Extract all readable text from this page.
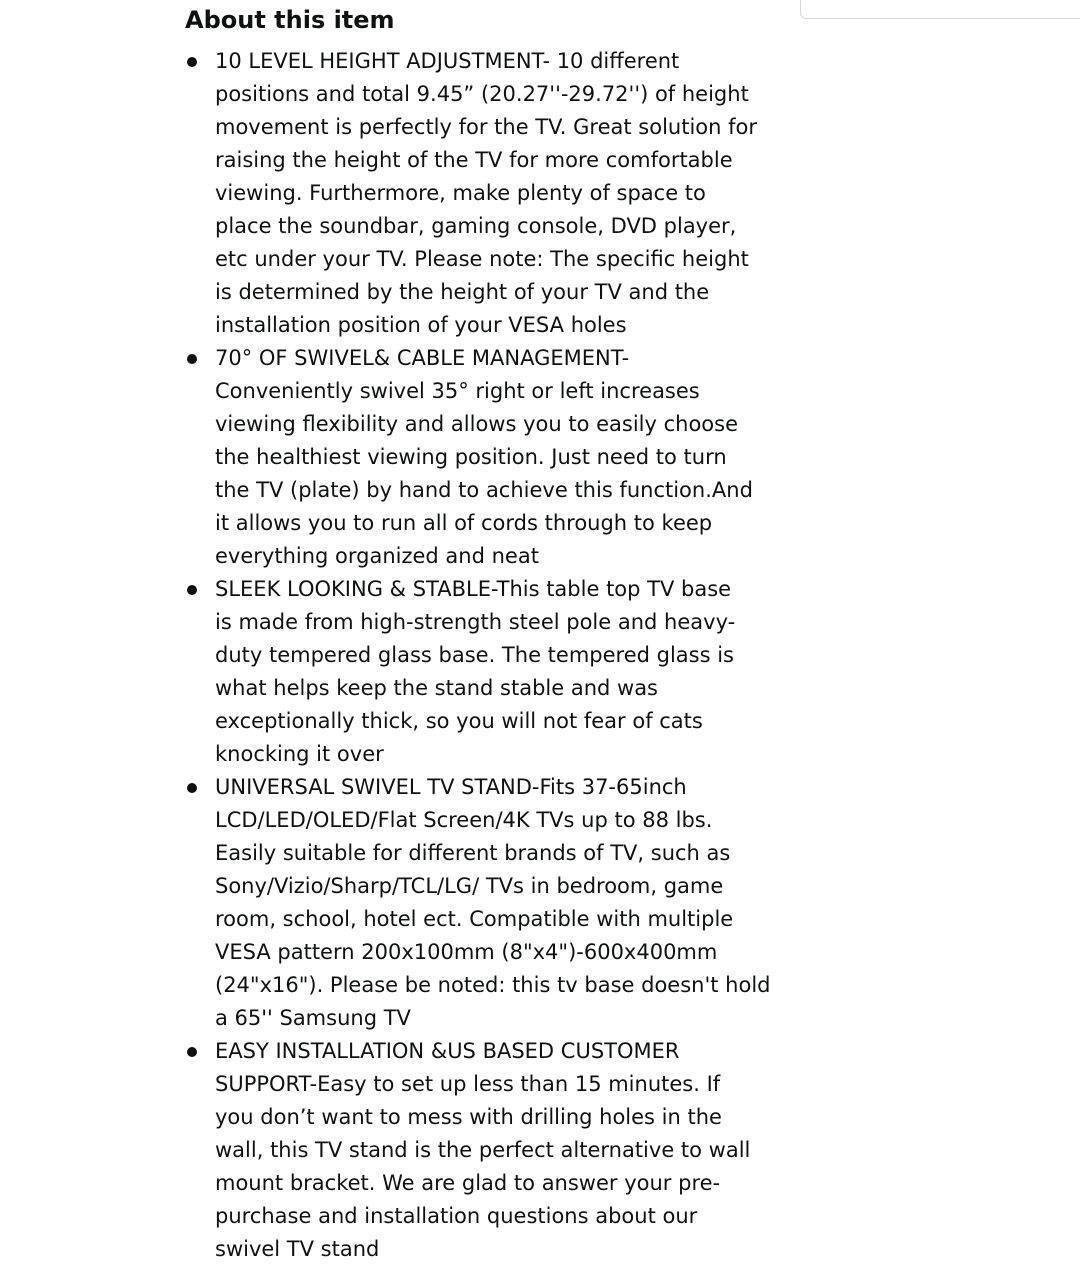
About this item
10 LEVEL HEIGHT ADJUSTMENT- 10 different
positions and total 9.45” (20.27''-29.72'') of height
movement is perfectly for the TV. Great solution for
raising the height of the TV for more comfortable
viewing. Furthermore, make plenty of space to
place the soundbar, gaming console, DVD player,
etc under your TV. Please note: The specific height
is determined by the height of your TV and the
installation position of your VESA holes
70° OF SWIVEL& CABLE MANAGEMENT-
Conveniently swivel 35° right or left increases
viewing flexibility and allows you to easily choose
the healthiest viewing position. Just need to turn
the TV (plate) by hand to achieve this function.And
it allows you to run all of cords through to keep
everything organized and neat
SLEEK LOOKING & STABLE-This table top TV base
is made from high-strength steel pole and heavy-
duty tempered glass base. The tempered glass is
what helps keep the stand stable and was
exceptionally thick, so you will not fear of cats
knocking it over
UNIVERSAL SWIVEL TV STAND-Fits 37-65inch
LCD/LED/OLED/Flat Screen/4K TVs up to 88 lbs.
Easily suitable for different brands of TV, such as
Sony/Vizio/Sharp/TCL/LG/ TVs in bedroom, game
room, school, hotel ect. Compatible with multiple
VESA pattern 200x100mm (8"x4")-600x400mm
(24"x16"). Please be noted: this tv base doesn't hold
a 65'' Samsung TV
EASY INSTALLATION &US BASED CUSTOMER
SUPPORT-Easy to set up less than 15 minutes. If
you don’t want to mess with drilling holes in the
wall, this TV stand is the perfect alternative to wall
mount bracket. We are glad to answer your pre-
purchase and installation questions about our
swivel TV stand
